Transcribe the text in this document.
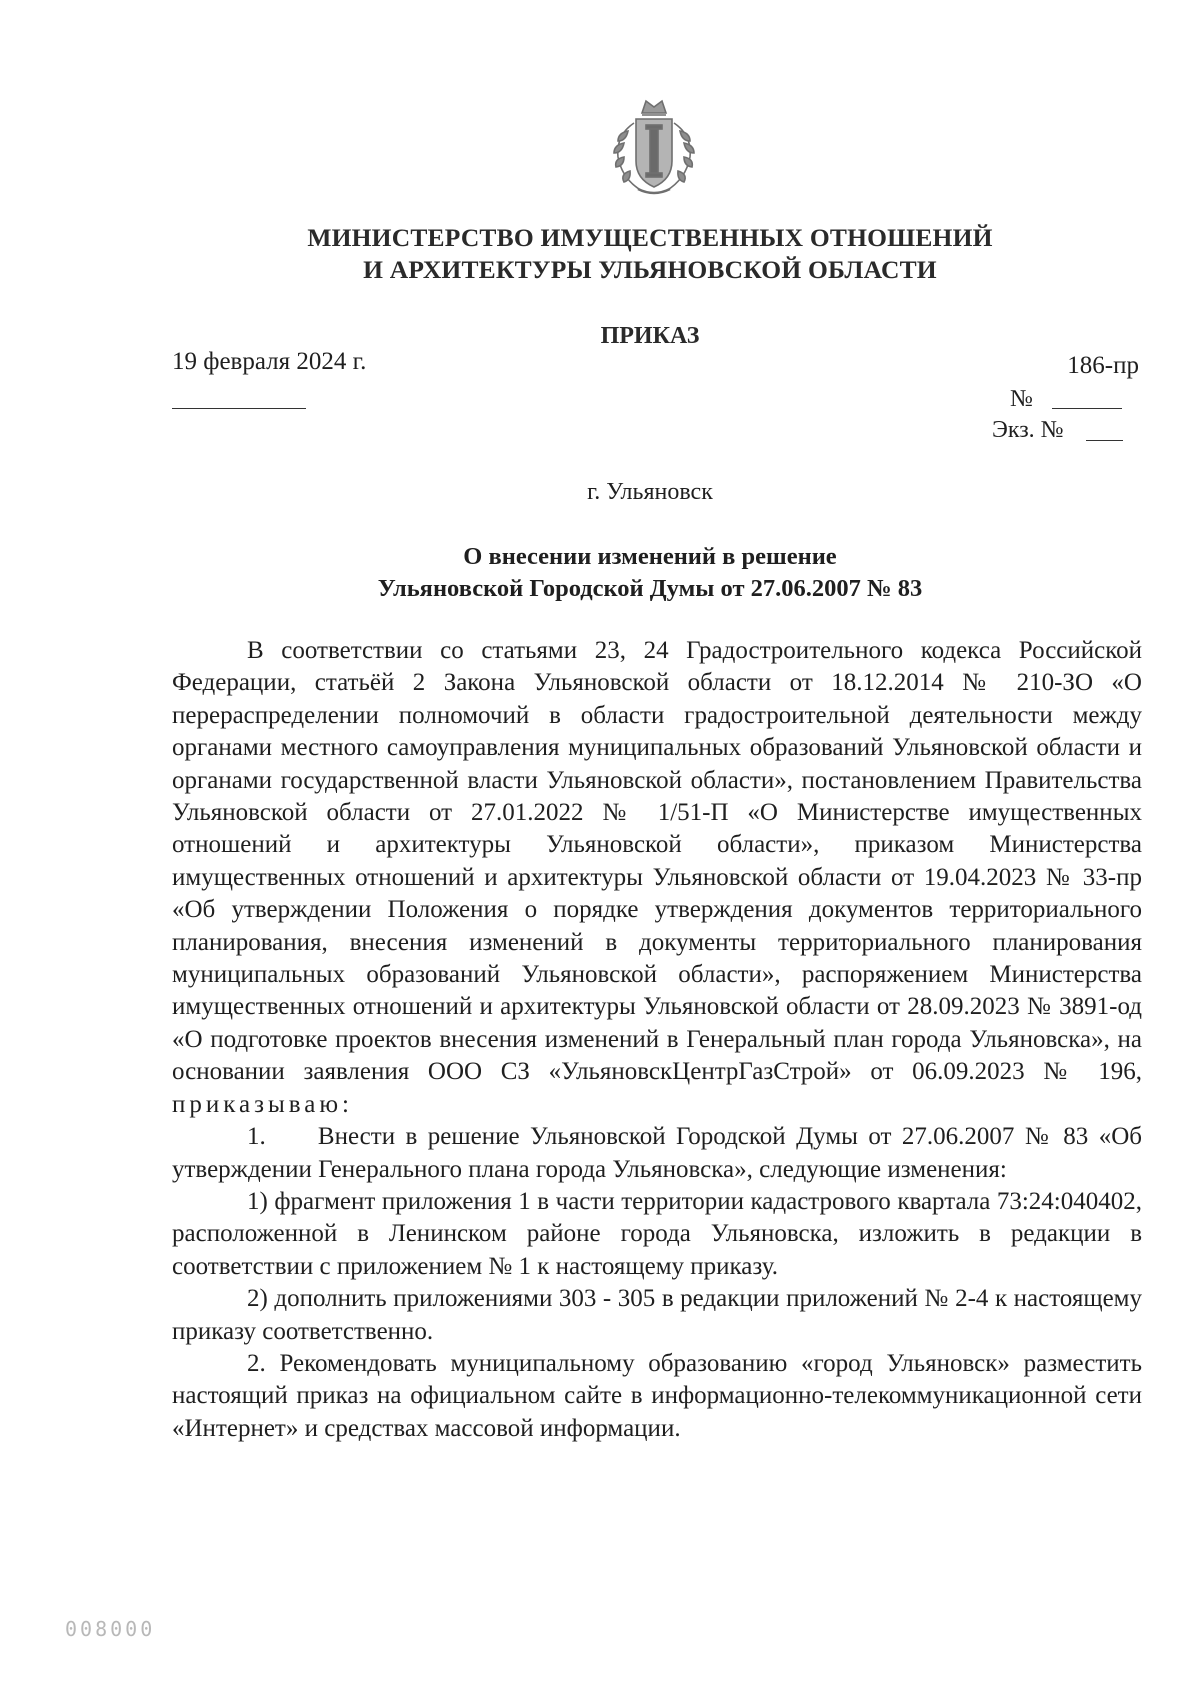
МИНИСТЕРСТВО ИМУЩЕСТВЕННЫХ ОТНОШЕНИЙ
И АРХИТЕКТУРЫ УЛЬЯНОВСКОЙ ОБЛАСТИ
ПРИКАЗ
19 февраля 2024 г.	186-пр
№
Экз. №
г. Ульяновск
О внесении изменений в решение
Ульяновской Городской Думы от 27.06.2007 № 83

В соответствии со статьями 23, 24 Градостроительного кодекса Российской Федерации, статьёй 2 Закона Ульяновской области от 18.12.2014 № 210-ЗО «О перераспределении полномочий в области градостроительной деятельности между органами местного самоуправления муниципальных образований Ульяновской области и органами государственной власти Ульяновской области», постановлением Правительства Ульяновской области от 27.01.2022 № 1/51-П «О Министерстве имущественных отношений и архитектуры Ульяновской области», приказом Министерства имущественных отношений и архитектуры Ульяновской области от 19.04.2023 № 33-пр «Об утверждении Положения о порядке утверждения документов территориального планирования, внесения изменений в документы территориального планирования муниципальных образований Ульяновской области», распоряжением Министерства имущественных отношений и архитектуры Ульяновской области от 28.09.2023 № 3891-од «О подготовке проектов внесения изменений в Генеральный план города Ульяновска», на основании заявления ООО СЗ «УльяновскЦентрГазСтрой» от 06.09.2023 № 196, приказываю:

1.     Внести в решение Ульяновской Городской Думы от 27.06.2007 № 83 «Об утверждении Генерального плана города Ульяновска», следующие изменения:

1) фрагмент приложения 1 в части территории кадастрового квартала 73:24:040402, расположенной в Ленинском районе города Ульяновска, изложить в редакции в соответствии с приложением № 1 к настоящему приказу.

2) дополнить приложениями 303 - 305 в редакции приложений № 2-4 к настоящему приказу соответственно.

2. Рекомендовать муниципальному образованию «город Ульяновск» разместить настоящий приказ на официальном сайте в информационно-телекоммуникационной сети «Интернет» и средствах массовой информации.

008000
